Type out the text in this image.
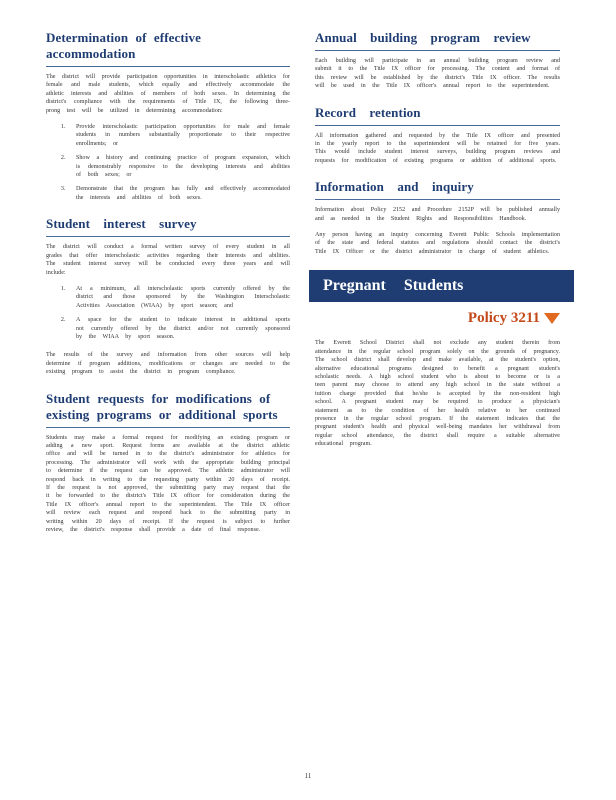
Determination of effective accommodation

The district will provide participation opportunities in interscholastic athletics for female and male students, which equally and effectively accommodate the athletic interests and abilities of members of both sexes. In determining the district's compliance with the requirements of Title IX, the following three-prong test will be utilized in determining accommodation:

1. Provide interscholastic participation opportunities for male and female students in numbers substantially proportionate to their respective enrollments; or
2. Show a history and continuing practice of program expansion, which is demonstrably responsive to the developing interests and abilities of both sexes; or
3. Demonstrate that the program has fully and effectively accommodated the interests and abilities of both sexes.
Student interest survey

The district will conduct a formal written survey of every student in all grades that offer interscholastic activities regarding their interests and abilities. The student interest survey will be conducted every three years and will include:

1. At a minimum, all interscholastic sports currently offered by the district and those sponsored by the Washington Interscholastic Activities Association (WIAA) by sport season; and
2. A space for the student to indicate interest in additional sports not currently offered by the district and/or not currently sponsored by the WIAA by sport season.

The results of the survey and information from other sources will help determine if program additions, modifications or changes are needed to the existing program to assist the district in program compliance.

Student requests for modifications of existing programs or additional sports

Students may make a formal request for modifying an existing program or adding a new sport. Request forms are available at the district athletic office and will be turned in to the district's administrator for athletics for processing. The administrator will work with the appropriate building principal to determine if the request can be approved. The athletic administrator will respond back in writing to the requesting party within 20 days of receipt. If the request is not approved, the submitting party may request that the it be forwarded to the district's Title IX officer for consideration during the Title IX officer's annual report to the superintendent. The Title IX officer will review each request and respond back to the submitting party in writing within 20 days of receipt. If the request is subject to further review, the district's response shall provide a date of final response.

Annual building program review

Each building will participate in an annual building program review and submit it to the Title IX officer for processing. The content and format of this review will be established by the district's Title IX officer. The results will be used in the Title IX officer's annual report to the superintendent.

Record retention

All information gathered and requested by the Title IX officer and presented in the yearly report to the superintendent will be retained for five years. This would include student interest surveys, building program reviews and requests for modification of existing programs or addition of additional sports.

Information and inquiry

Information about Policy 2152 and Procedure 2152P will be published annually and as needed in the Student Rights and Responsibilities Handbook.

Any person having an inquiry concerning Everett Public Schools implementation of the state and federal statutes and regulations should contact the district's Title IX Officer or the district administrator in charge of student athletics.

Pregnant Students
Policy 3211

The Everett School District shall not exclude any student therein from attendance in the regular school program solely on the grounds of pregnancy. The school district shall develop and make available, at the student's option, alternative educational programs designed to benefit a pregnant student's scholastic needs. A high school student who is about to become or is a teen parent may choose to attend any high school in the state without a tuition charge provided that he/she is accepted by the non-resident high school. A pregnant student may be required to produce a physician's statement as to the condition of her health relative to her continued presence in the regular school program. If the statement indicates that the pregnant student's health and physical well-being mandates her withdrawal from regular school attendance, the district shall require a suitable alternative educational program.

11
